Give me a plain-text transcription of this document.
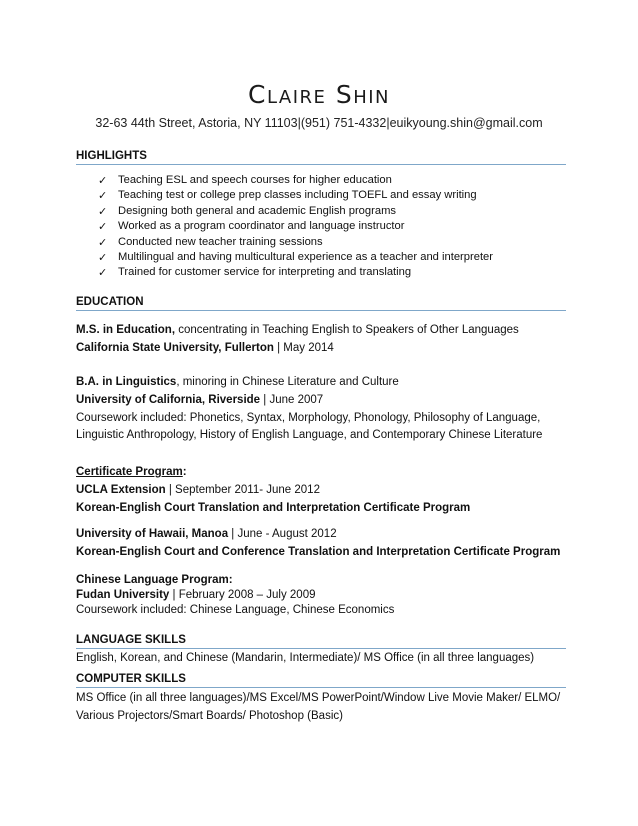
Claire Shin
32-63 44th Street, Astoria, NY 11103|(951) 751-4332|euikyoung.shin@gmail.com
HIGHLIGHTS
✓ Teaching ESL and speech courses for higher education
✓ Teaching test or college prep classes including TOEFL and essay writing
✓ Designing both general and academic English programs
✓ Worked as a program coordinator and language instructor
✓ Conducted new teacher training sessions
✓ Multilingual and having multicultural experience as a teacher and interpreter
✓ Trained for customer service for interpreting and translating
EDUCATION
M.S. in Education, concentrating in Teaching English to Speakers of Other Languages
California State University, Fullerton | May 2014
B.A. in Linguistics, minoring in Chinese Literature and Culture
University of California, Riverside | June 2007
Coursework included: Phonetics, Syntax, Morphology, Phonology, Philosophy of Language,
Linguistic Anthropology, History of English Language, and Contemporary Chinese Literature
Certificate Program:
UCLA Extension | September 2011- June 2012
Korean-English Court Translation and Interpretation Certificate Program
University of Hawaii, Manoa | June - August 2012
Korean-English Court and Conference Translation and Interpretation Certificate Program
Chinese Language Program:
Fudan University | February 2008 – July 2009
Coursework included: Chinese Language, Chinese Economics
LANGUAGE SKILLS
English, Korean, and Chinese (Mandarin, Intermediate)/ MS Office (in all three languages)
COMPUTER SKILLS
MS Office (in all three languages)/MS Excel/MS PowerPoint/Window Live Movie Maker/ ELMO/
Various Projectors/Smart Boards/ Photoshop (Basic)
